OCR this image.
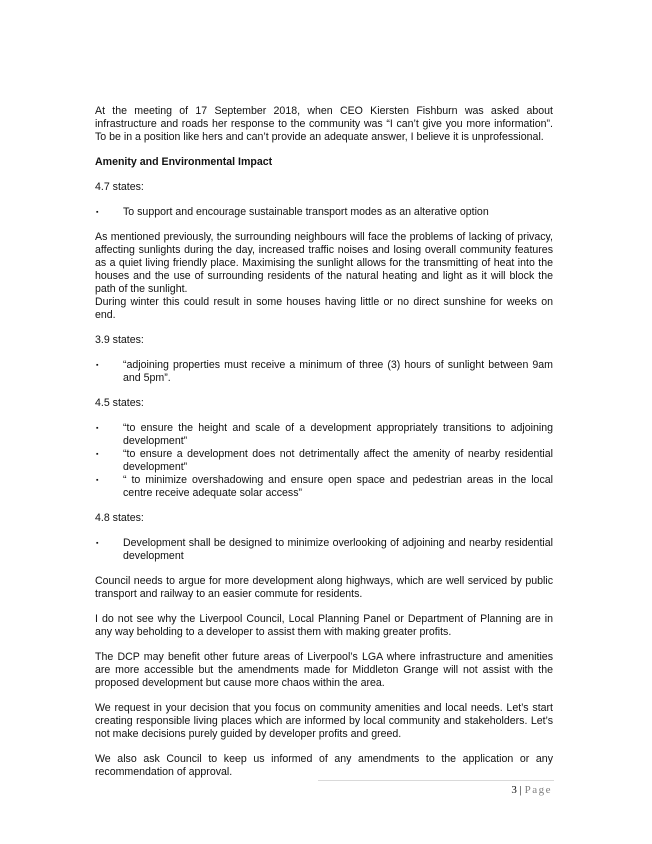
At the meeting of 17 September 2018, when CEO Kiersten Fishburn was asked about infrastructure and roads her response to the community was “I can’t give you more information”. To be in a position like hers and can’t provide an adequate answer, I believe it is unprofessional.

Amenity and Environmental Impact

4.7 states:

▪ To support and encourage sustainable transport modes as an alterative option

As mentioned previously, the surrounding neighbours will face the problems of lacking of privacy, affecting sunlights during the day, increased traffic noises and losing overall community features as a quiet living friendly place. Maximising the sunlight allows for the transmitting of heat into the houses and the use of surrounding residents of the natural heating and light as it will block the path of the sunlight.

During winter this could result in some houses having little or no direct sunshine for weeks on end.

3.9 states:

▪ “adjoining properties must receive a minimum of three (3) hours of sunlight between 9am and 5pm”.

4.5 states:

▪ “to ensure the height and scale of a development appropriately transitions to adjoining development”
▪ “to ensure a development does not detrimentally affect the amenity of nearby residential development”
▪ “ to minimize overshadowing and ensure open space and pedestrian areas in the local centre receive adequate solar access”

4.8 states:

▪ Development shall be designed to minimize overlooking of adjoining and nearby residential development

Council needs to argue for more development along highways, which are well serviced by public transport and railway to an easier commute for residents.

I do not see why the Liverpool Council, Local Planning Panel or Department of Planning are in any way beholding to a developer to assist them with making greater profits.

The DCP may benefit other future areas of Liverpool’s LGA where infrastructure and amenities are more accessible but the amendments made for Middleton Grange will not assist with the proposed development but cause more chaos within the area.

We request in your decision that you focus on community amenities and local needs. Let’s start creating responsible living places which are informed by local community and stakeholders. Let’s not make decisions purely guided by developer profits and greed.

We also ask Council to keep us informed of any amendments to the application or any recommendation of approval.

3 | Page
